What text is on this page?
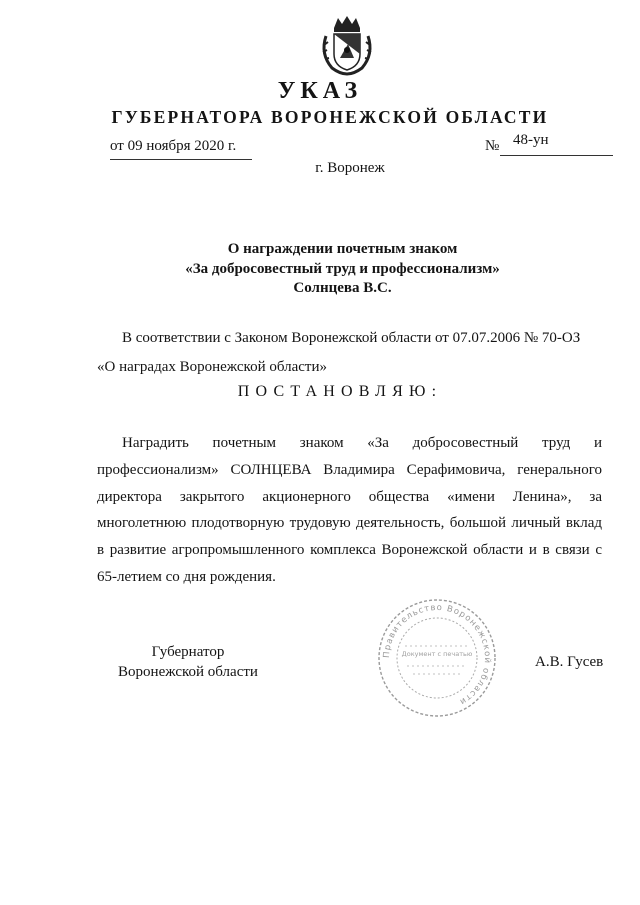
УКАЗ
ГУБЕРНАТОРА ВОРОНЕЖСКОЙ ОБЛАСТИ
от 09 ноября 2020 г.	№ 48-ун
г. Воронеж
О награждении почетным знаком
«За добросовестный труд и профессионализм»
Солнцева В.С.
В соответствии с Законом Воронежской области от 07.07.2006 № 70-ОЗ
«О наградах Воронежской области»
ПОСТАНОВЛЯЮ:
Наградить почетным знаком «За добросовестный труд и профессионализм» СОЛНЦЕВА Владимира Серафимовича, генерального директора закрытого акционерного общества «имени Ленина», за многолетнюю плодотворную трудовую деятельность, большой личный вклад в развитие агропромышленного комплекса Воронежской области и в связи с 65-летием со дня рождения.
Правительство Воронежской области
Документ с печатью
Губернатор
Воронежской области
А.В. Гусев
